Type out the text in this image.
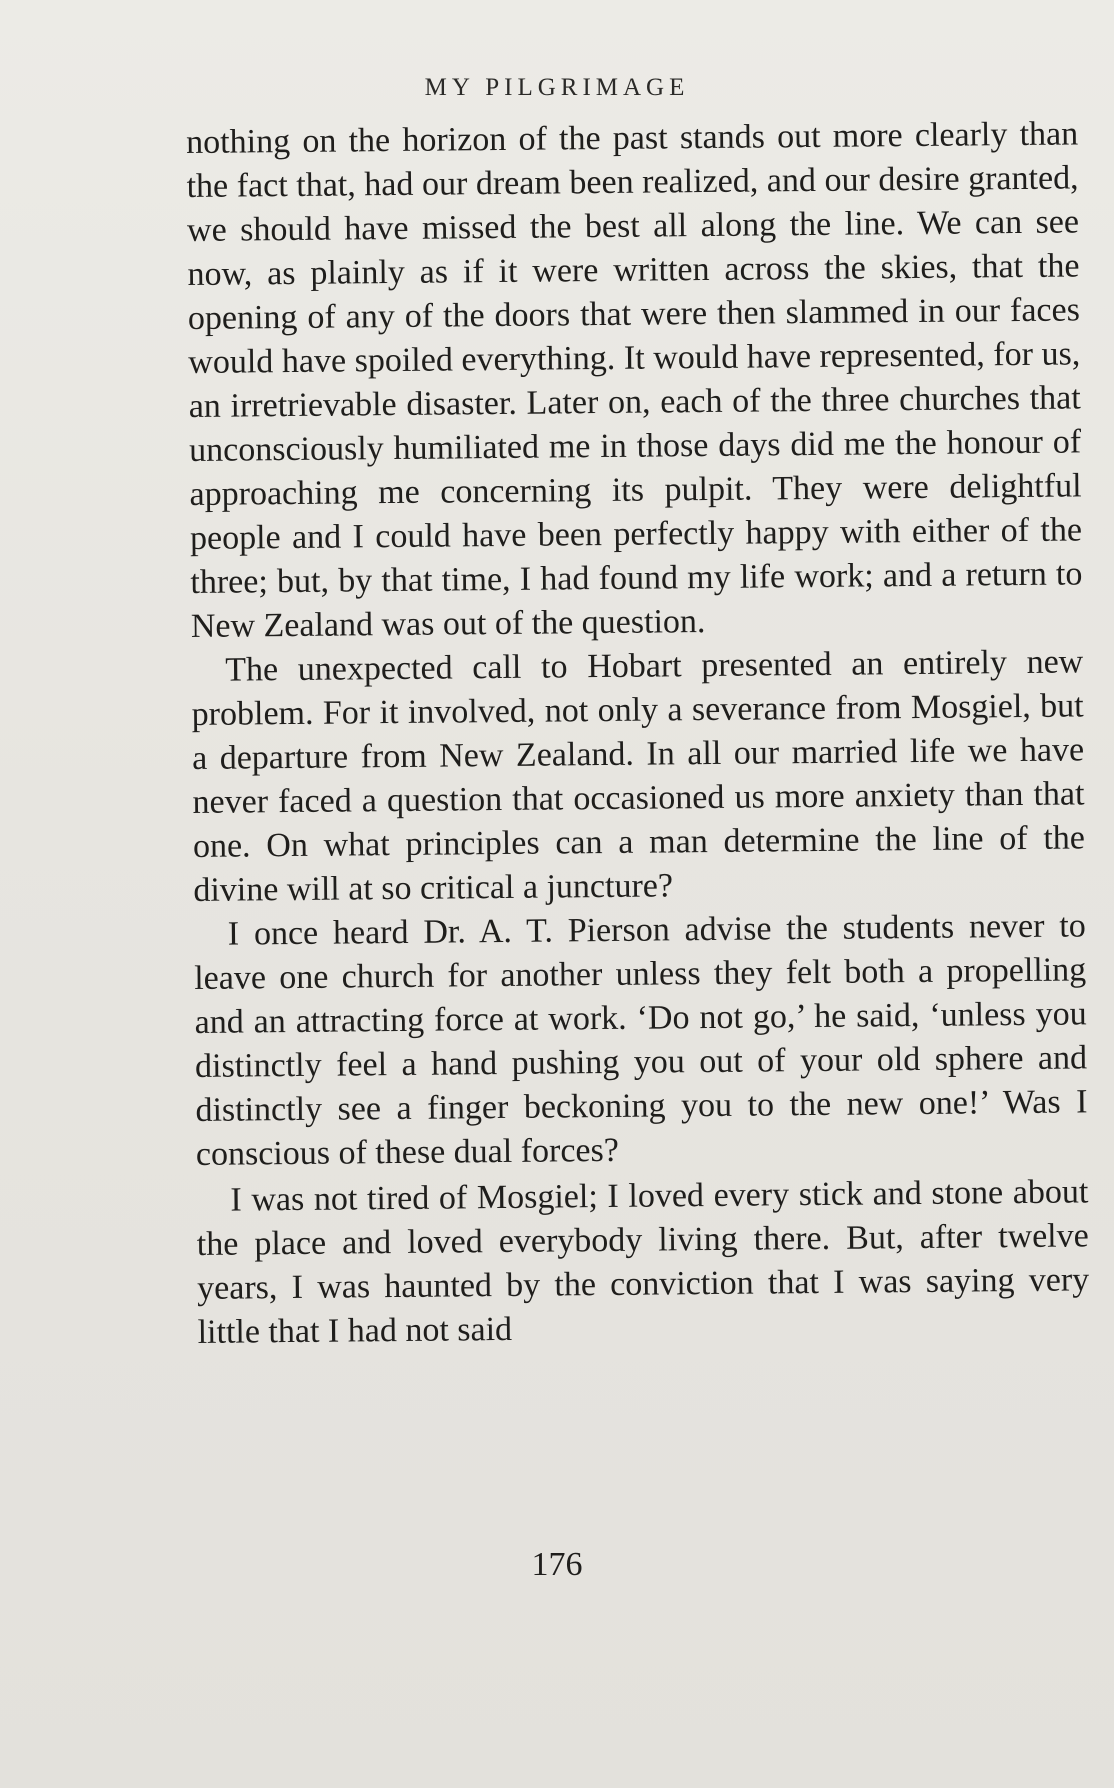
MY PILGRIMAGE

nothing on the horizon of the past stands out more clearly than the fact that, had our dream been realized, and our desire granted, we should have missed the best all along the line. We can see now, as plainly as if it were written across the skies, that the opening of any of the doors that were then slammed in our faces would have spoiled everything. It would have represented, for us, an irretrievable disaster. Later on, each of the three churches that unconsciously humiliated me in those days did me the honour of approaching me concerning its pulpit. They were delightful people and I could have been perfectly happy with either of the three; but, by that time, I had found my life work; and a return to New Zealand was out of the question.

The unexpected call to Hobart presented an entirely new problem. For it involved, not only a severance from Mosgiel, but a departure from New Zealand. In all our married life we have never faced a question that occasioned us more anxiety than that one. On what principles can a man determine the line of the divine will at so critical a juncture?

I once heard Dr. A. T. Pierson advise the students never to leave one church for another unless they felt both a propelling and an attracting force at work. ‘Do not go,’ he said, ‘unless you distinctly feel a hand pushing you out of your old sphere and distinctly see a finger beckoning you to the new one!’ Was I conscious of these dual forces?

I was not tired of Mosgiel; I loved every stick and stone about the place and loved everybody living there. But, after twelve years, I was haunted by the conviction that I was saying very little that I had not said

176
